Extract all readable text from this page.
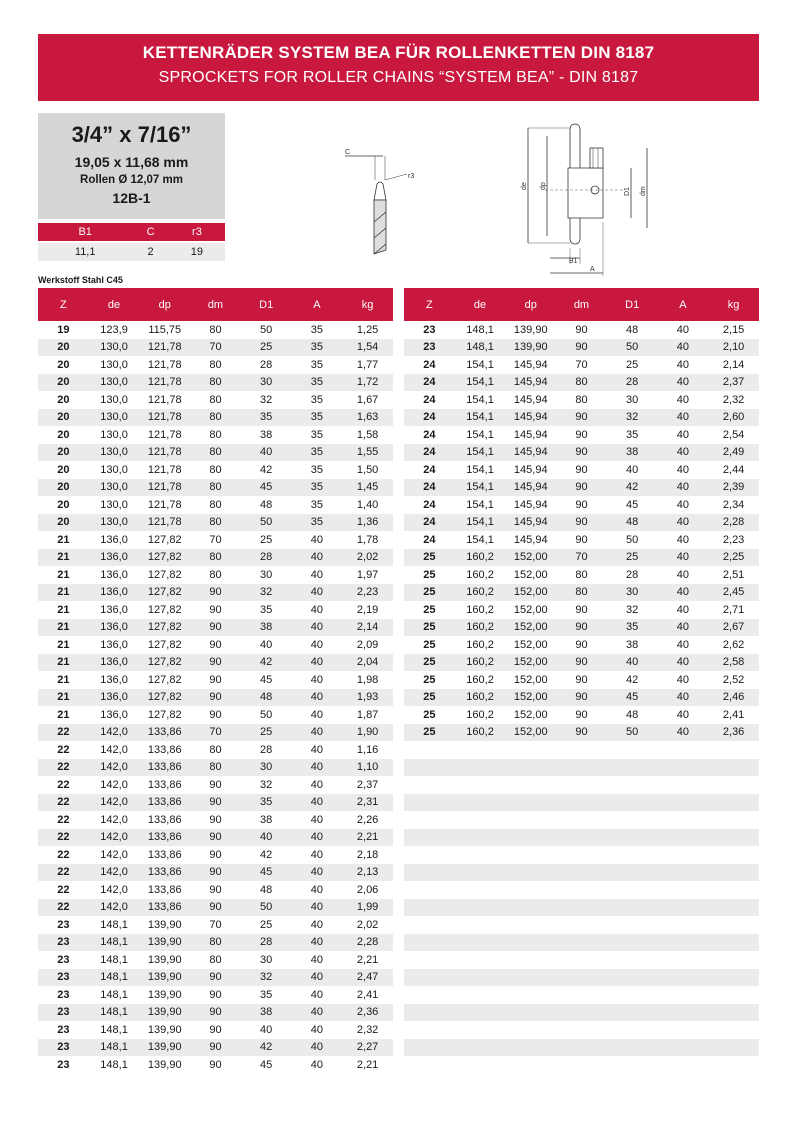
KETTENRÄDER SYSTEM BEA FÜR ROLLENKETTEN DIN 8187
SPROCKETS FOR ROLLER CHAINS “SYSTEM BEA” - DIN 8187
3/4” x 7/16”
19,05 x 11,68 mm
Rollen Ø 12,07 mm
12B-1
B1	C	r3
11,1	2	19
C
r3
de dp
D1 dm
B1
A
Werkstoff Stahl C45
Z	de	dp	dm	D1	A	kg
19	123,9	115,75	80	50	35	1,25
20	130,0	121,78	70	25	35	1,54
20	130,0	121,78	80	28	35	1,77
20	130,0	121,78	80	30	35	1,72
20	130,0	121,78	80	32	35	1,67
20	130,0	121,78	80	35	35	1,63
20	130,0	121,78	80	38	35	1,58
20	130,0	121,78	80	40	35	1,55
20	130,0	121,78	80	42	35	1,50
20	130,0	121,78	80	45	35	1,45
20	130,0	121,78	80	48	35	1,40
20	130,0	121,78	80	50	35	1,36
21	136,0	127,82	70	25	40	1,78
21	136,0	127,82	80	28	40	2,02
21	136,0	127,82	80	30	40	1,97
21	136,0	127,82	90	32	40	2,23
21	136,0	127,82	90	35	40	2,19
21	136,0	127,82	90	38	40	2,14
21	136,0	127,82	90	40	40	2,09
21	136,0	127,82	90	42	40	2,04
21	136,0	127,82	90	45	40	1,98
21	136,0	127,82	90	48	40	1,93
21	136,0	127,82	90	50	40	1,87
22	142,0	133,86	70	25	40	1,90
22	142,0	133,86	80	28	40	1,16
22	142,0	133,86	80	30	40	1,10
22	142,0	133,86	90	32	40	2,37
22	142,0	133,86	90	35	40	2,31
22	142,0	133,86	90	38	40	2,26
22	142,0	133,86	90	40	40	2,21
22	142,0	133,86	90	42	40	2,18
22	142,0	133,86	90	45	40	2,13
22	142,0	133,86	90	48	40	2,06
22	142,0	133,86	90	50	40	1,99
23	148,1	139,90	70	25	40	2,02
23	148,1	139,90	80	28	40	2,28
23	148,1	139,90	80	30	40	2,21
23	148,1	139,90	90	32	40	2,47
23	148,1	139,90	90	35	40	2,41
23	148,1	139,90	90	38	40	2,36
23	148,1	139,90	90	40	40	2,32
23	148,1	139,90	90	42	40	2,27
23	148,1	139,90	90	45	40	2,21
Z	de	dp	dm	D1	A	kg
23	148,1	139,90	90	48	40	2,15
23	148,1	139,90	90	50	40	2,10
24	154,1	145,94	70	25	40	2,14
24	154,1	145,94	80	28	40	2,37
24	154,1	145,94	80	30	40	2,32
24	154,1	145,94	90	32	40	2,60
24	154,1	145,94	90	35	40	2,54
24	154,1	145,94	90	38	40	2,49
24	154,1	145,94	90	40	40	2,44
24	154,1	145,94	90	42	40	2,39
24	154,1	145,94	90	45	40	2,34
24	154,1	145,94	90	48	40	2,28
24	154,1	145,94	90	50	40	2,23
25	160,2	152,00	70	25	40	2,25
25	160,2	152,00	80	28	40	2,51
25	160,2	152,00	80	30	40	2,45
25	160,2	152,00	90	32	40	2,71
25	160,2	152,00	90	35	40	2,67
25	160,2	152,00	90	38	40	2,62
25	160,2	152,00	90	40	40	2,58
25	160,2	152,00	90	42	40	2,52
25	160,2	152,00	90	45	40	2,46
25	160,2	152,00	90	48	40	2,41
25	160,2	152,00	90	50	40	2,36
